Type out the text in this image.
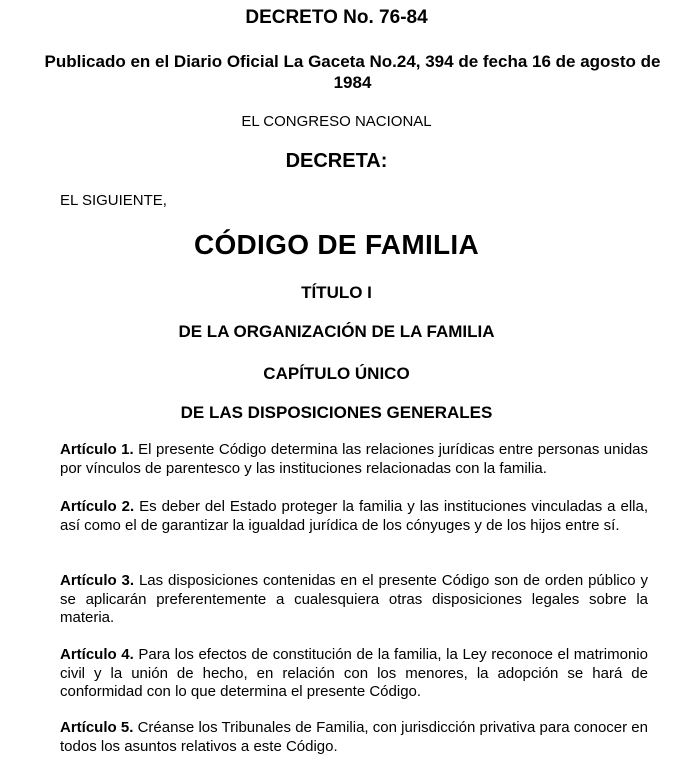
DECRETO No. 76-84
Publicado en el Diario Oficial La Gaceta No.24, 394 de fecha 16 de agosto de 1984
EL CONGRESO NACIONAL
DECRETA:
EL SIGUIENTE,
CÓDIGO DE FAMILIA
TÍTULO I
DE LA ORGANIZACIÓN DE LA FAMILIA
CAPÍTULO ÚNICO
DE LAS DISPOSICIONES GENERALES
Artículo 1. El presente Código determina las relaciones jurídicas entre personas unidas por vínculos de parentesco y las instituciones relacionadas con la familia.
Artículo 2. Es deber del Estado proteger la familia y las instituciones vinculadas a ella, así como el de garantizar la igualdad jurídica de los cónyuges y de los hijos entre sí.
Artículo 3. Las disposiciones contenidas en el presente Código son de orden público y se aplicarán preferentemente a cualesquiera otras disposiciones legales sobre la materia.
Artículo 4. Para los efectos de constitución de la familia, la Ley reconoce el matrimonio civil y la unión de hecho, en relación con los menores, la adopción se hará de conformidad con lo que determina el presente Código.
Artículo 5. Créanse los Tribunales de Familia, con jurisdicción privativa para conocer en todos los asuntos relativos a este Código.
